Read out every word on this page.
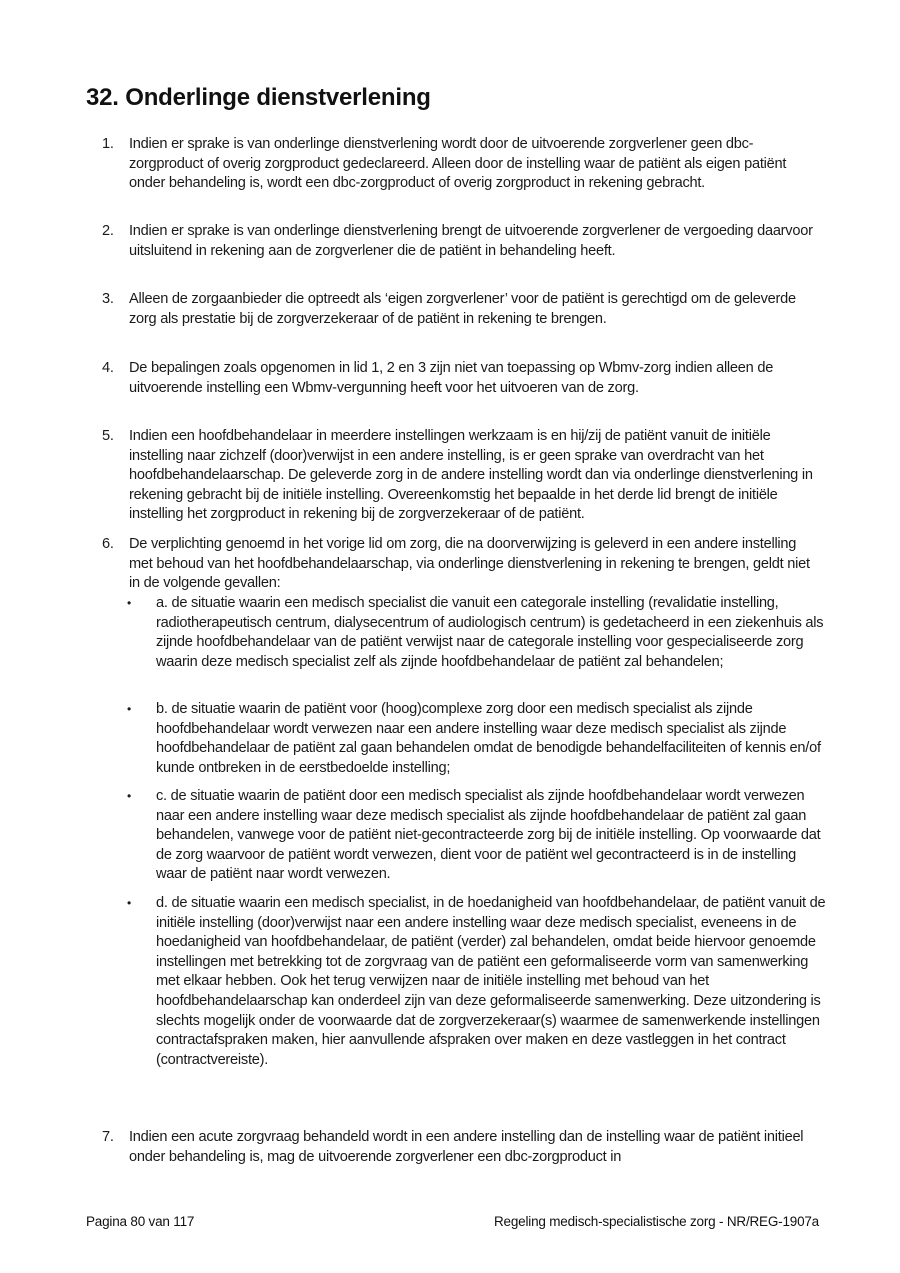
32. Onderlinge dienstverlening
1.	Indien er sprake is van onderlinge dienstverlening wordt door de uitvoerende zorgverlener geen dbc-zorgproduct of overig zorgproduct gedeclareerd. Alleen door de instelling waar de patiënt als eigen patiënt onder behandeling is, wordt een dbc-zorgproduct of overig zorgproduct in rekening gebracht.
2.	Indien er sprake is van onderlinge dienstverlening brengt de uitvoerende zorgverlener de vergoeding daarvoor uitsluitend in rekening aan de zorgverlener die de patiënt in behandeling heeft.
3.	Alleen de zorgaanbieder die optreedt als ‘eigen zorgverlener’ voor de patiënt is gerechtigd om de geleverde zorg als prestatie bij de zorgverzekeraar of de patiënt in rekening te brengen.
4.	De bepalingen zoals opgenomen in lid 1, 2 en 3 zijn niet van toepassing op Wbmv-zorg indien alleen de uitvoerende instelling een Wbmv-vergunning heeft voor het uitvoeren van de zorg.
5.	Indien een hoofdbehandelaar in meerdere instellingen werkzaam is en hij/zij de patiënt vanuit de initiële instelling naar zichzelf (door)verwijst in een andere instelling, is er geen sprake van overdracht van het hoofdbehandelaarschap. De geleverde zorg in de andere instelling wordt dan via onderlinge dienstverlening in rekening gebracht bij de initiële instelling. Overeenkomstig het bepaalde in het derde lid brengt de initiële instelling het zorgproduct in rekening bij de zorgverzekeraar of de patiënt.
6.	De verplichting genoemd in het vorige lid om zorg, die na doorverwijzing is geleverd in een andere instelling met behoud van het hoofdbehandelaarschap, via onderlinge dienstverlening in rekening te brengen, geldt niet in de volgende gevallen:
•	a. de situatie waarin een medisch specialist die vanuit een categorale instelling (revalidatie instelling, radiotherapeutisch centrum, dialysecentrum of audiologisch centrum) is gedetacheerd in een ziekenhuis als zijnde hoofdbehandelaar van de patiënt verwijst naar de categorale instelling voor gespecialiseerde zorg waarin deze medisch specialist zelf als zijnde hoofdbehandelaar de patiënt zal behandelen;
•	b. de situatie waarin de patiënt voor (hoog)complexe zorg door een medisch specialist als zijnde hoofdbehandelaar wordt verwezen naar een andere instelling waar deze medisch specialist als zijnde hoofdbehandelaar de patiënt zal gaan behandelen omdat de benodigde behandelfaciliteiten of kennis en/of kunde ontbreken in de eerstbedoelde instelling;
•	c. de situatie waarin de patiënt door een medisch specialist als zijnde hoofdbehandelaar wordt verwezen naar een andere instelling waar deze medisch specialist als zijnde hoofdbehandelaar de patiënt zal gaan behandelen, vanwege voor de patiënt niet-gecontracteerde zorg bij de initiële instelling. Op voorwaarde dat de zorg waarvoor de patiënt wordt verwezen, dient voor de patiënt wel gecontracteerd is in de instelling waar de patiënt naar wordt verwezen.
•	d. de situatie waarin een medisch specialist, in de hoedanigheid van hoofdbehandelaar, de patiënt vanuit de initiële instelling (door)verwijst naar een andere instelling waar deze medisch specialist, eveneens in de hoedanigheid van hoofdbehandelaar, de patiënt (verder) zal behandelen, omdat beide hiervoor genoemde instellingen met betrekking tot de zorgvraag van de patiënt een geformaliseerde vorm van samenwerking met elkaar hebben. Ook het terug verwijzen naar de initiële instelling met behoud van het hoofdbehandelaarschap kan onderdeel zijn van deze geformaliseerde samenwerking. Deze uitzondering is slechts mogelijk onder de voorwaarde dat de zorgverzekeraar(s) waarmee de samenwerkende instellingen contractafspraken maken, hier aanvullende afspraken over maken en deze vastleggen in het contract (contractvereiste).
7.	Indien een acute zorgvraag behandeld wordt in een andere instelling dan de instelling waar de patiënt initieel onder behandeling is, mag de uitvoerende zorgverlener een dbc-zorgproduct in
Pagina 80 van 117	Regeling medisch-specialistische zorg - NR/REG-1907a
